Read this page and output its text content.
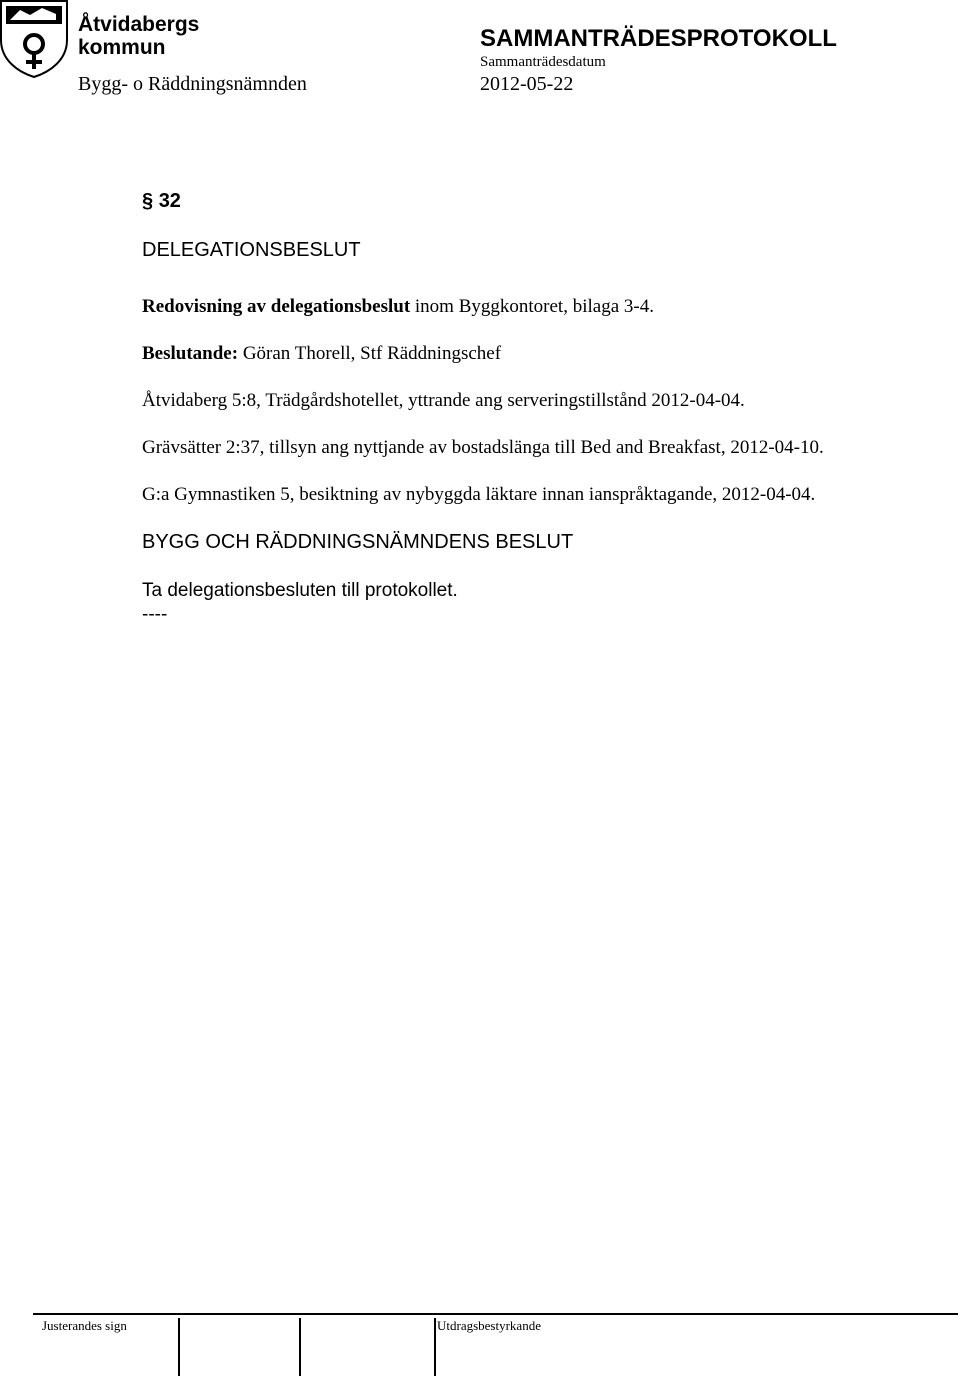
Åtvidabergs
kommun	SAMMANTRÄDESPROTOKOLL
Sammanträdesdatum
Bygg- o Räddningsnämnden	2012-05-22
§ 32
DELEGATIONSBESLUT
Redovisning av delegationsbeslut inom Byggkontoret, bilaga 3-4.
Beslutande: Göran Thorell, Stf Räddningschef
Åtvidaberg 5:8, Trädgårdshotellet, yttrande ang serveringstillstånd 2012-04-04.
Grävsätter 2:37, tillsyn ang nyttjande av bostadslänga till Bed and Breakfast, 2012-04-10.
G:a Gymnastiken 5, besiktning av nybyggda läktare innan ianspråktagande, 2012-04-04.
BYGG OCH RÄDDNINGSNÄMNDENS BESLUT
Ta delegationsbesluten till protokollet.
----
Justerandes sign	Utdragsbestyrkande
